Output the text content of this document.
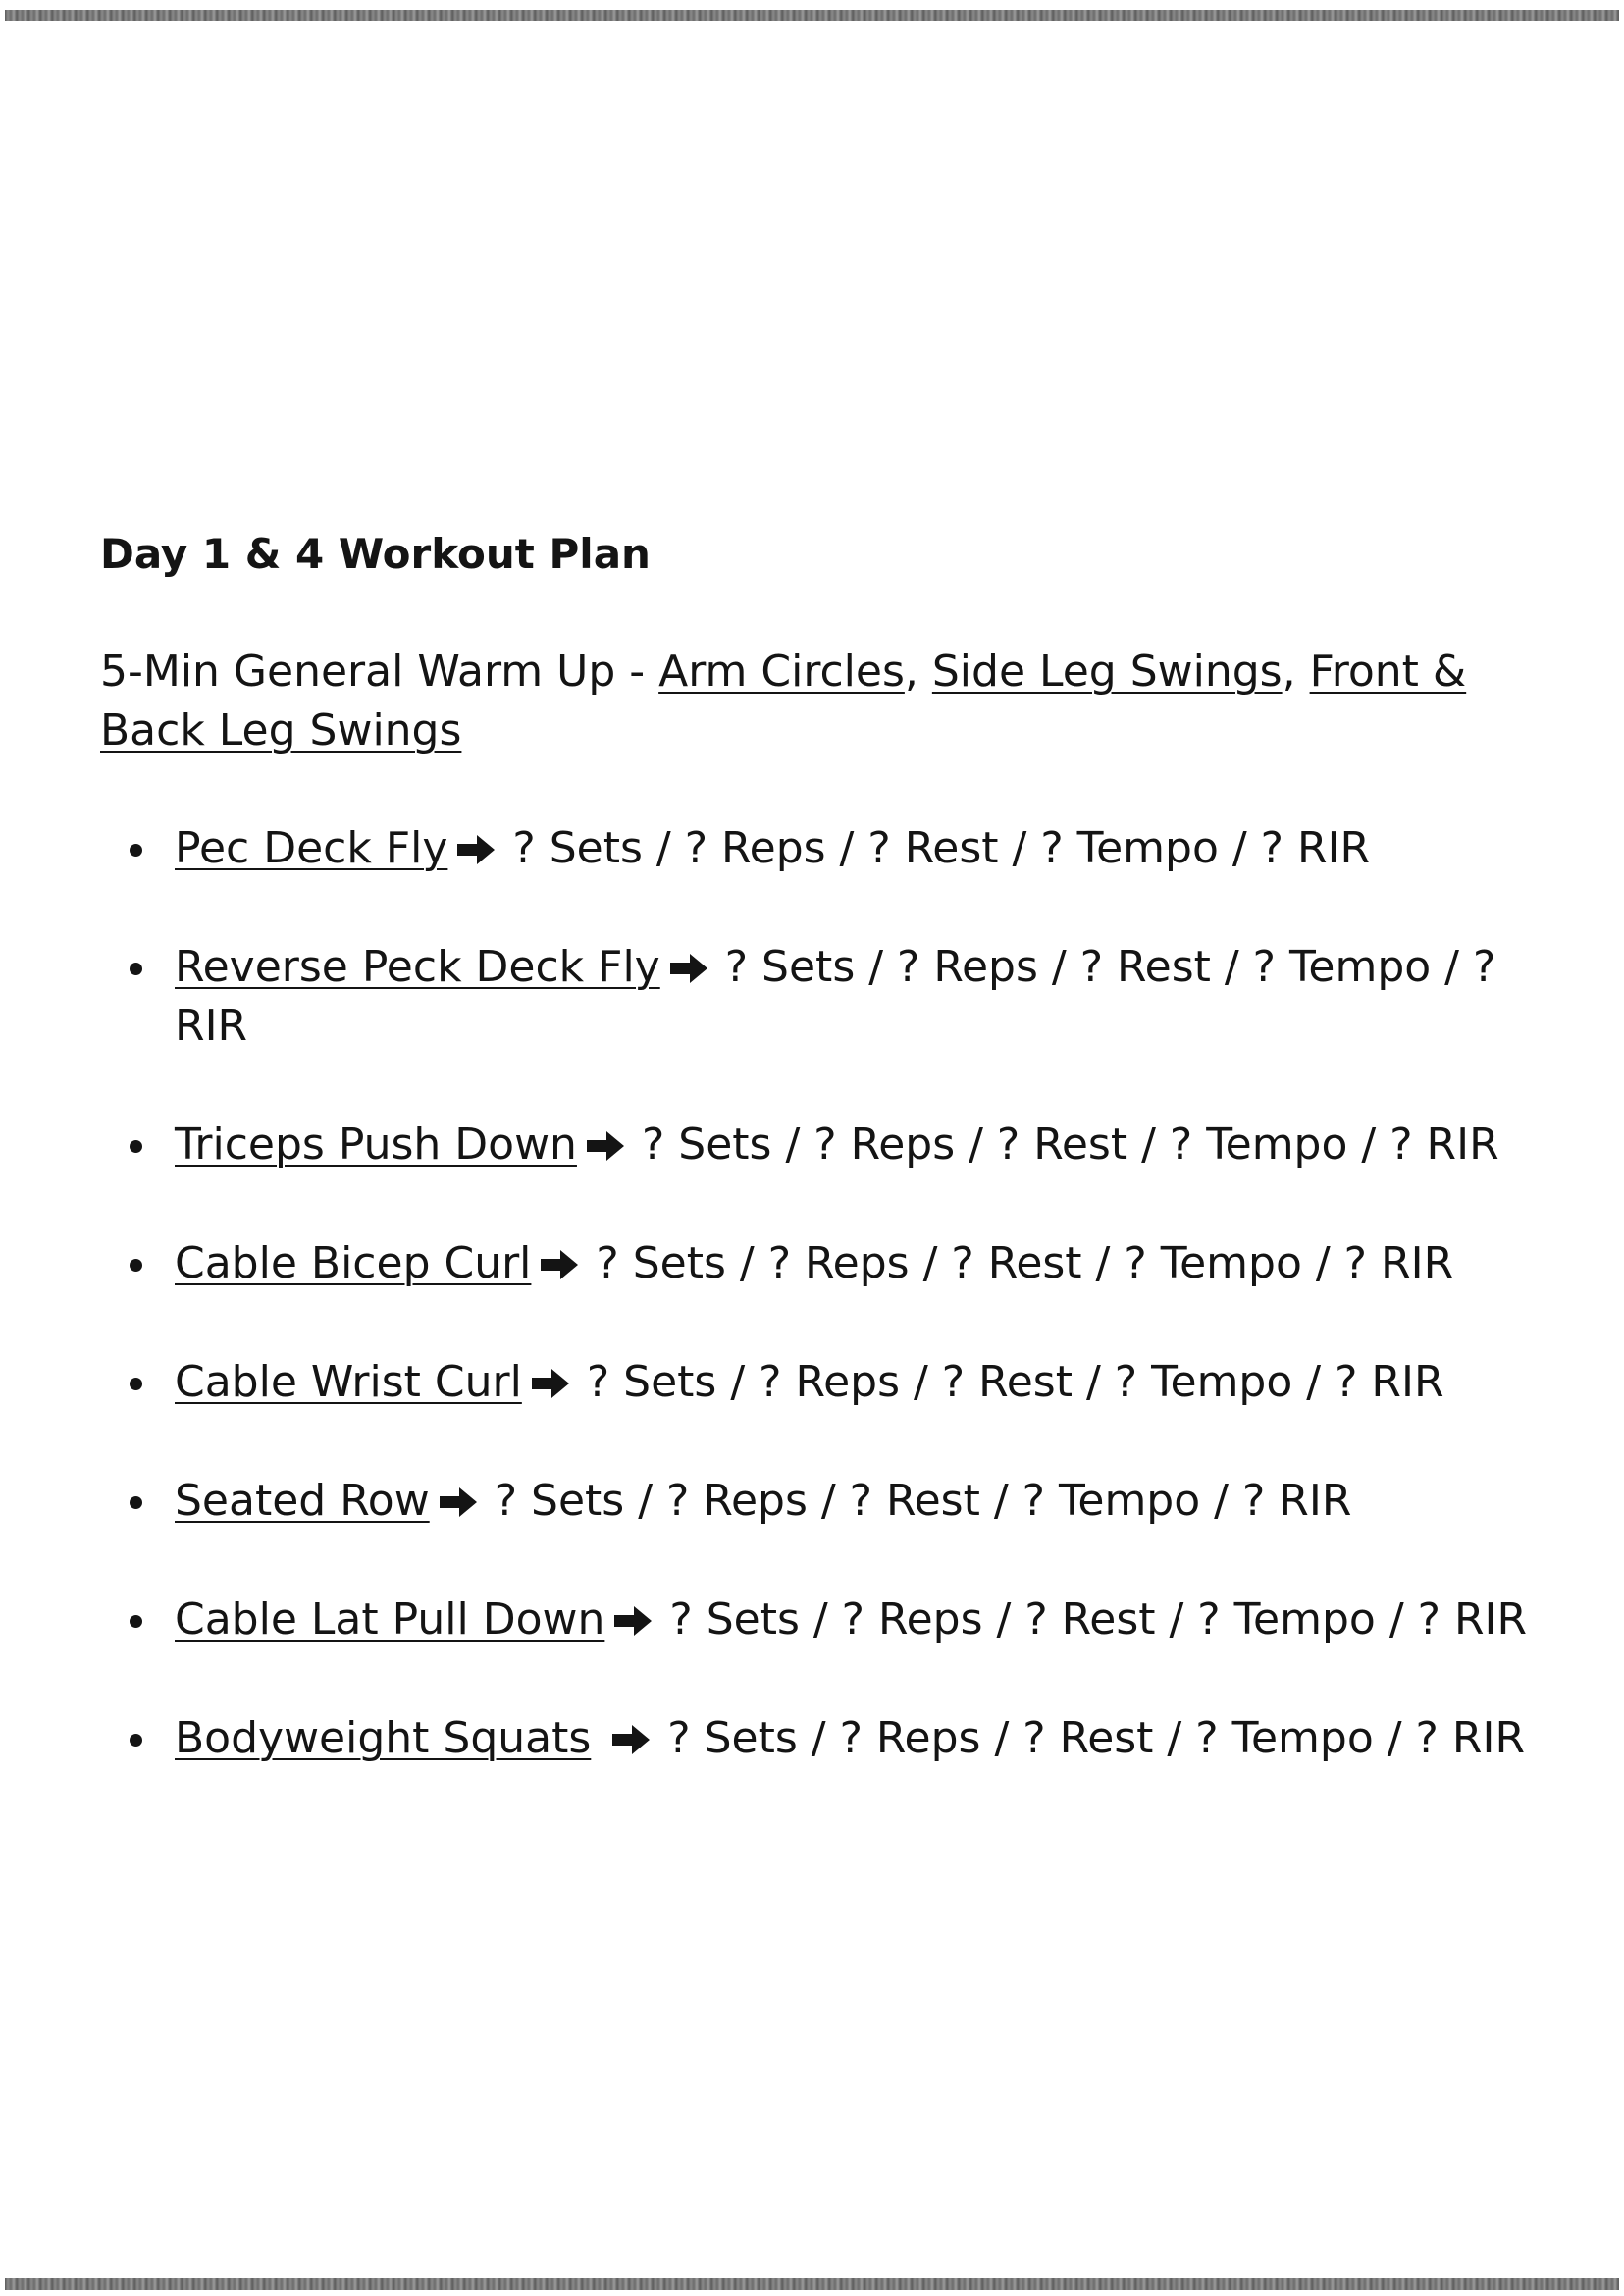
Day 1 & 4 Workout Plan

5-Min General Warm Up - Arm Circles, Side Leg Swings, Front & Back Leg Swings

Pec Deck Fly ? Sets / ? Reps / ? Rest / ? Tempo / ? RIR
Reverse Peck Deck Fly ? Sets / ? Reps / ? Rest / ? Tempo / ? RIR
Triceps Push Down ? Sets / ? Reps / ? Rest / ? Tempo / ? RIR
Cable Bicep Curl ? Sets / ? Reps / ? Rest / ? Tempo / ? RIR
Cable Wrist Curl ? Sets / ? Reps / ? Rest / ? Tempo / ? RIR
Seated Row ? Sets / ? Reps / ? Rest / ? Tempo / ? RIR
Cable Lat Pull Down ? Sets / ? Reps / ? Rest / ? Tempo / ? RIR
Bodyweight Squats ? Sets / ? Reps / ? Rest / ? Tempo / ? RIR
